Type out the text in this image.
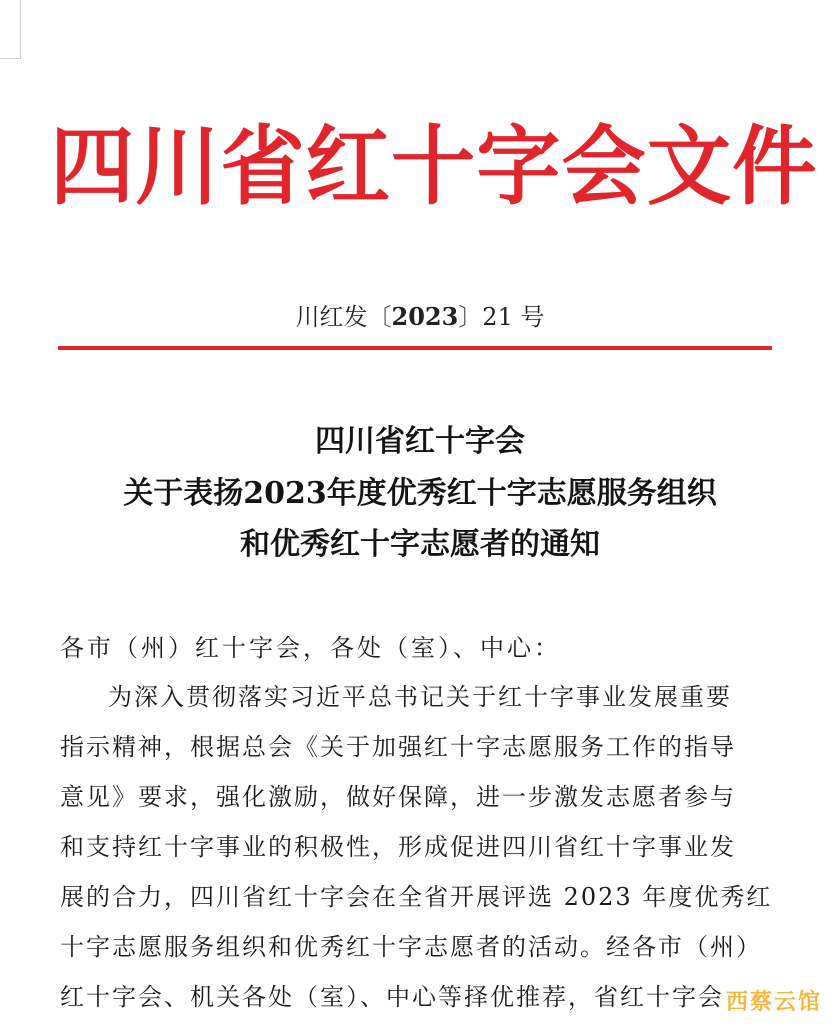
四川省红十字会文件
川红发〔2023〕21 号
四川省红十字会
关于表扬2023年度优秀红十字志愿服务组织
和优秀红十字志愿者的通知
各市（州）红十字会，各处（室）、中心：
为深入贯彻落实习近平总书记关于红十字事业发展重要
指示精神，根据总会《关于加强红十字志愿服务工作的指导
意见》要求，强化激励，做好保障，进一步激发志愿者参与
和支持红十字事业的积极性，形成促进四川省红十字事业发
展的合力，四川省红十字会在全省开展评选 2023 年度优秀红
十字志愿服务组织和优秀红十字志愿者的活动。经各市（州）
红十字会、机关各处（室）、中心等择优推荐，省红十字会 西蔡云馆
